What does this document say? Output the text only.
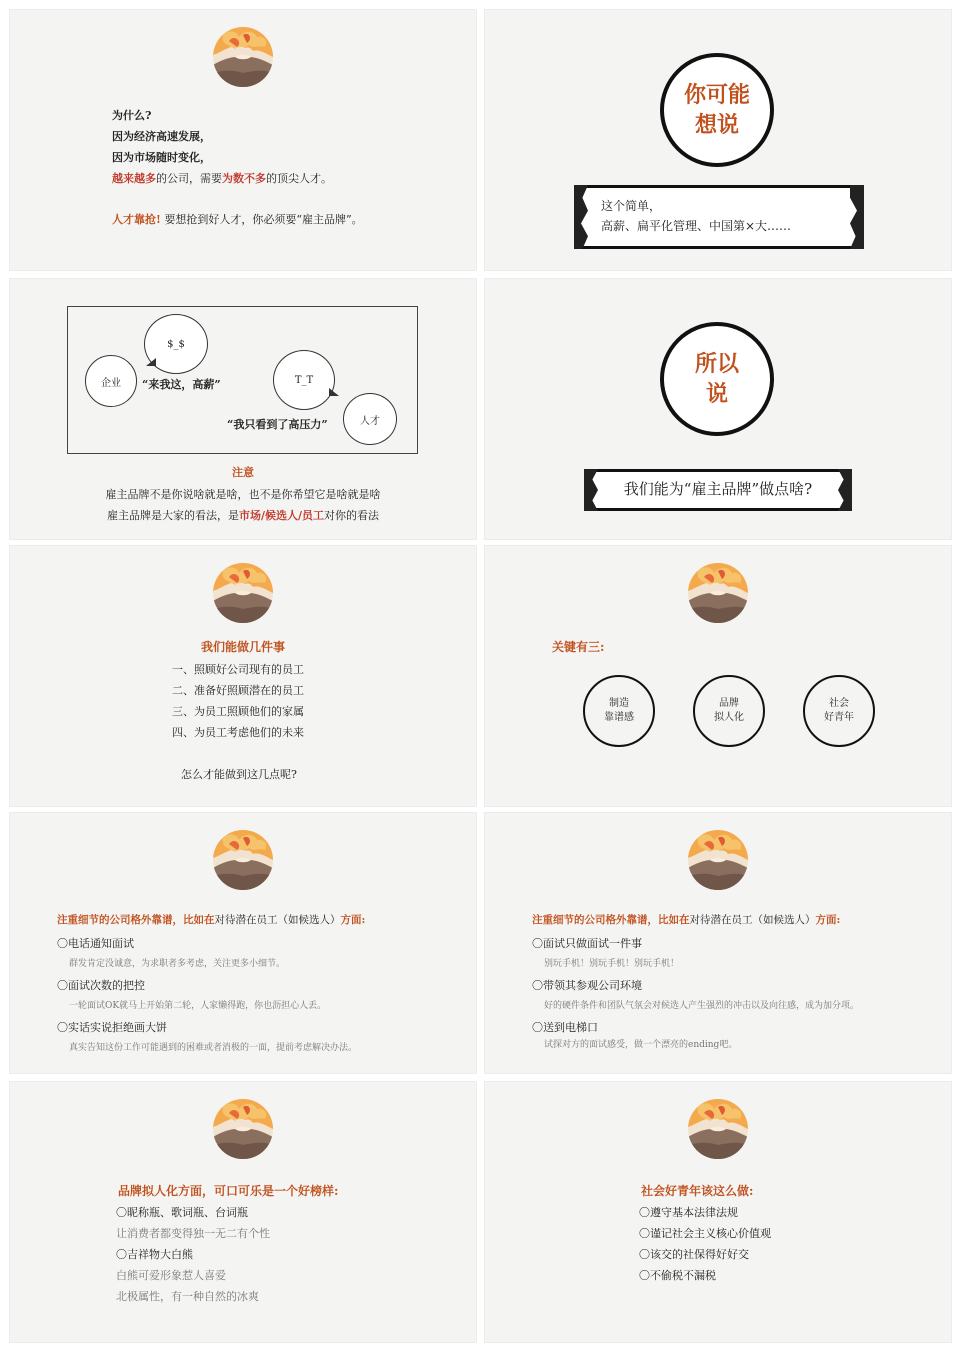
为什么?
因为经济高速发展，
因为市场随时变化，
越来越多的公司，需要为数不多的顶尖人才。
人才靠抢! 要想抢到好人才，你必须要“雇主品牌”。
你可能
想说
这个简单，
高薪、扁平化管理、中国第×大……
$_$
企业 “来我这，高薪”	T_T
人才
“我只看到了高压力”
注意
雇主品牌不是你说啥就是啥，也不是你希望它是啥就是啥
雇主品牌是大家的看法，是市场/候选人/员工对你的看法
所以
说
我们能为“雇主品牌”做点啥?
我们能做几件事
一、照顾好公司现有的员工
二、准备好照顾潜在的员工
三、为员工照顾他们的家属
四、为员工考虑他们的未来
怎么才能做到这几点呢?
关键有三:
制造
靠谱感
品牌
拟人化
社会
好青年
注重细节的公司格外靠谱，比如在对待潜在员工（如候选人）方面:
〇电话通知面试
群发肯定没诚意，为求职者多考虑，关注更多小细节。
〇面试次数的把控
一轮面试OK就马上开始第二轮，人家懒得跑，你也沥担心人丢。
〇实话实说拒绝画大饼
真实告知这份工作可能遇到的困难或者消极的一面，提前考虑解决办法。
注重细节的公司格外靠谱，比如在对待潜在员工（如候选人）方面:
〇面试只做面试一件事
别玩手机！别玩手机！别玩手机！
〇带领其参观公司环境
好的硬件条件和团队气氛会对候选人产生强烈的冲击以及向往感，成为加分项。
〇送到电梯口
试探对方的面试感受，做一个漂亮的ending吧。
品牌拟人化方面，可口可乐是一个好榜样:
〇昵称瓶、歌词瓶、台词瓶
让消费者都变得独一无二有个性
〇吉祥物大白熊
白熊可爱形象惹人喜爱
北极属性，有一种自然的冰爽
社会好青年该这么做:
〇遵守基本法律法规
〇谨记社会主义核心价值观
〇该交的社保得好好交
〇不偷税不漏税
